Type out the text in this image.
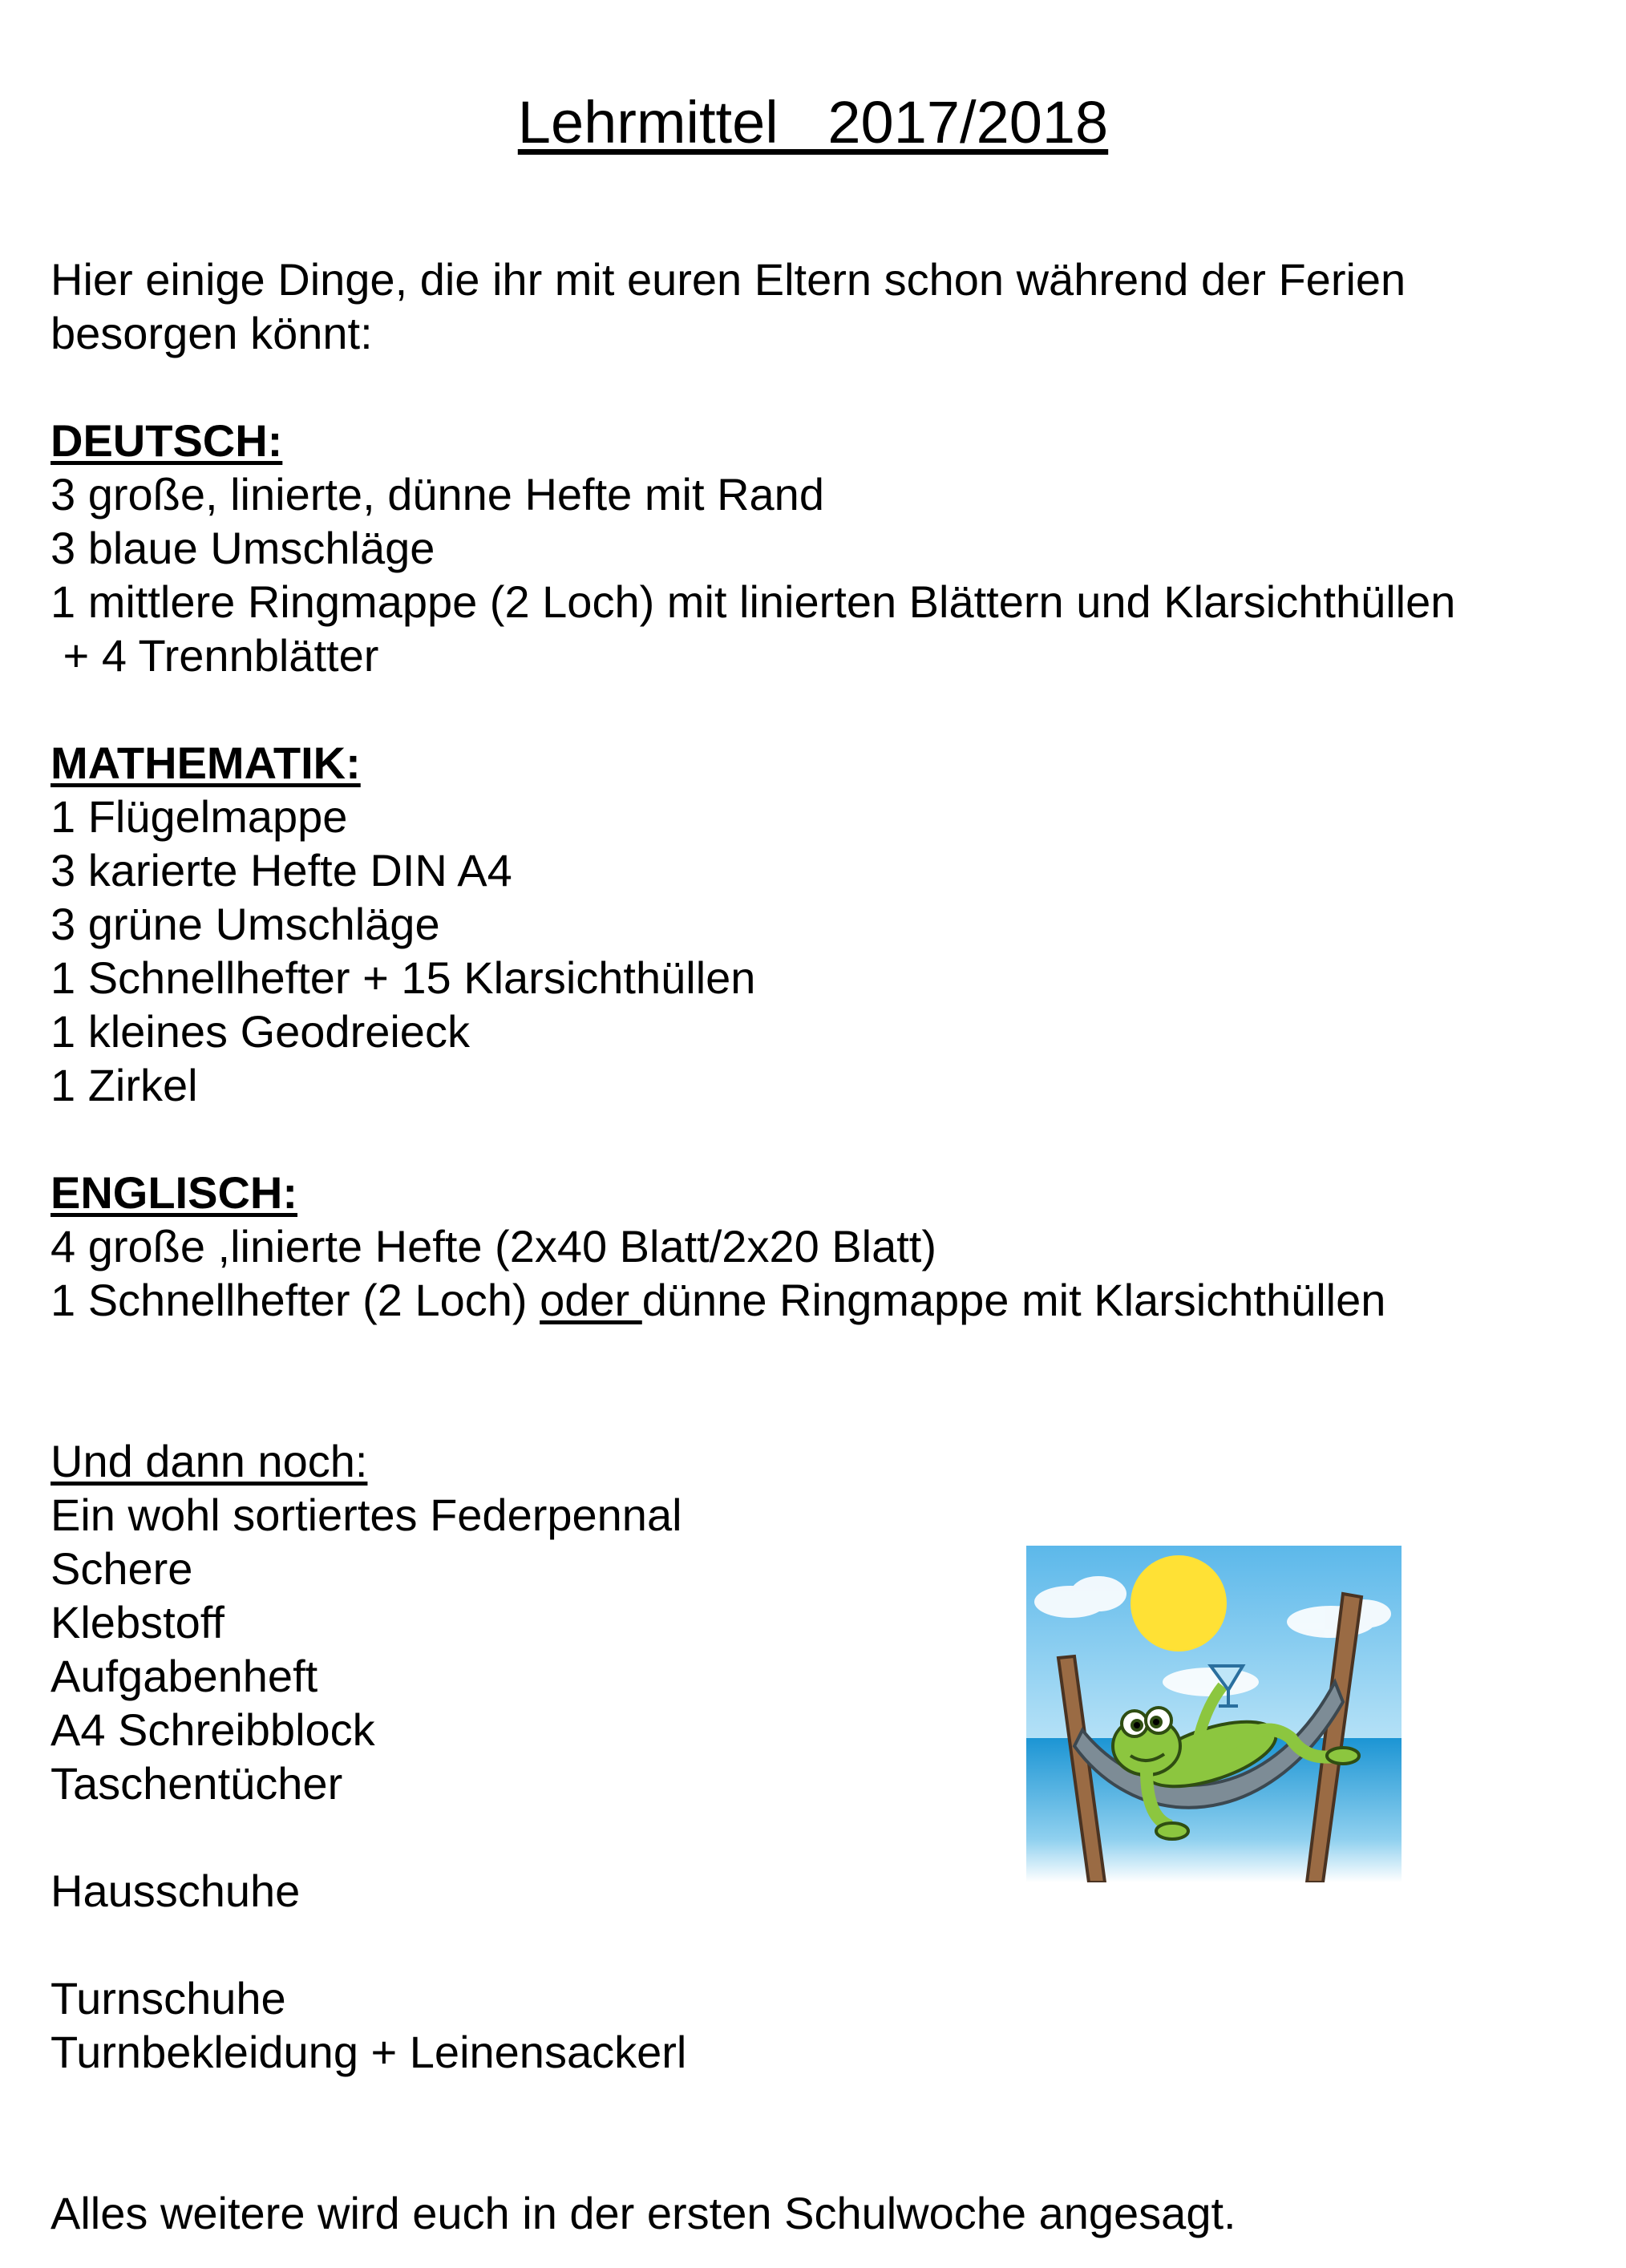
Lehrmittel   2017/2018
Hier einige Dinge, die ihr mit euren Eltern schon während der Ferien
besorgen könnt:
DEUTSCH:
3 große, linierte, dünne Hefte mit Rand
3 blaue Umschläge
1 mittlere Ringmappe (2 Loch) mit linierten Blättern und Klarsichthüllen
+ 4 Trennblätter
MATHEMATIK:
1 Flügelmappe
3 karierte Hefte DIN A4
3 grüne Umschläge
1 Schnellhefter + 15 Klarsichthüllen
1 kleines Geodreieck
1 Zirkel
ENGLISCH:
4 große ,linierte Hefte (2x40 Blatt/2x20 Blatt)
1 Schnellhefter (2 Loch) oder dünne Ringmappe mit Klarsichthüllen
Und dann noch:
Ein wohl sortiertes Federpennal
Schere
Klebstoff
Aufgabenheft
A4 Schreibblock
Taschentücher
Hausschuhe
Turnschuhe
Turnbekleidung + Leinensackerl
Alles weitere wird euch in der ersten Schulwoche angesagt.
